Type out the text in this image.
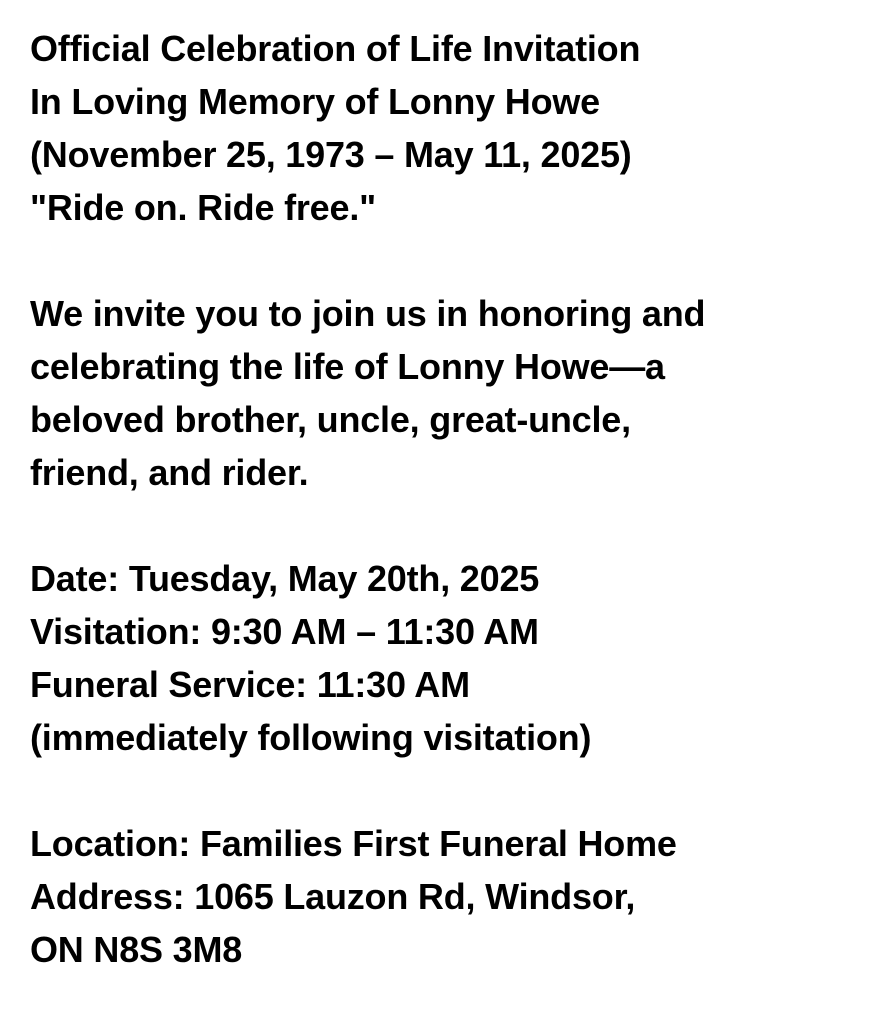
Official Celebration of Life Invitation
In Loving Memory of Lonny Howe
(November 25, 1973 – May 11, 2025)
"Ride on. Ride free."
We invite you to join us in honoring and
celebrating the life of Lonny Howe—a
beloved brother, uncle, great-uncle,
friend, and rider.
Date: Tuesday, May 20th, 2025
Visitation: 9:30 AM – 11:30 AM
Funeral Service: 11:30 AM
(immediately following visitation)
Location: Families First Funeral Home
Address: 1065 Lauzon Rd, Windsor,
ON N8S 3M8
